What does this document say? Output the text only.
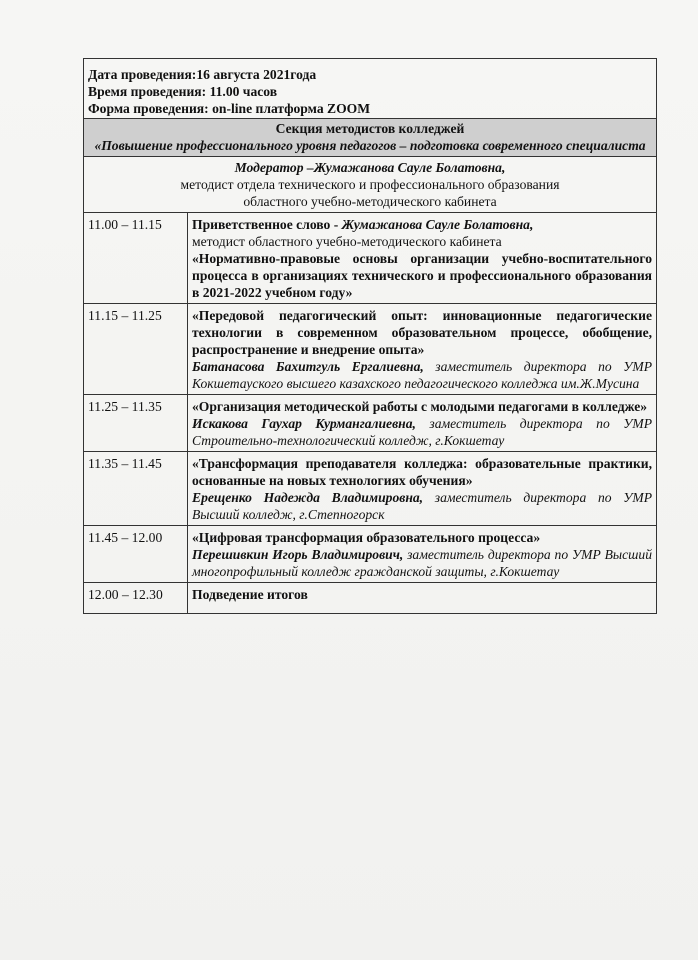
Дата проведения:16 августа 2021года
Время проведения: 11.00 часов
Форма проведения: on-line платформа ZOOM	

Секция методистов колледжей
«Повышение профессионального уровня педагогов – подготовка современного специалиста	

Модератор –Жумажанова Сауле Болатовна,
методист отдела технического и профессионального образования
областного учебно-методического кабинета	

11.00 – 11.15	Приветственное слово - Жумажанова Сауле Болатовна,
методист областного учебно-методического кабинета
«Нормативно-правовые основы организации учебно-воспитательного процесса в организациях технического и профессионального образования в 2021-2022 учебном году»

11.15 – 11.25	«Передовой педагогический опыт: инновационные педагогические технологии в современном образовательном процессе, обобщение, распространение и внедрение опыта»
Батанасова Бахитгуль Ергалиевна, заместитель директора по УМР Кокшетауского высшего казахского педагогического колледжа им.Ж.Мусина
11.25 – 11.35	«Организация методической работы с молодыми педагогами в колледже»
Искакова Гаухар Курмангалиевна, заместитель директора по УМР Строительно-технологический колледж, г.Кокшетау
11.35 – 11.45	«Трансформация преподавателя колледжа: образовательные практики, основанные на новых технологиях обучения»
Ерещенко Надежда Владимировна, заместитель директора по УМР Высший колледж, г.Степногорск
11.45 – 12.00	«Цифровая трансформация образовательного процесса»
Перешивкин Игорь Владимирович, заместитель директора по УМР Высший многопрофильный колледж гражданской защиты, г.Кокшетау
12.00 – 12.30	Подведение итогов
